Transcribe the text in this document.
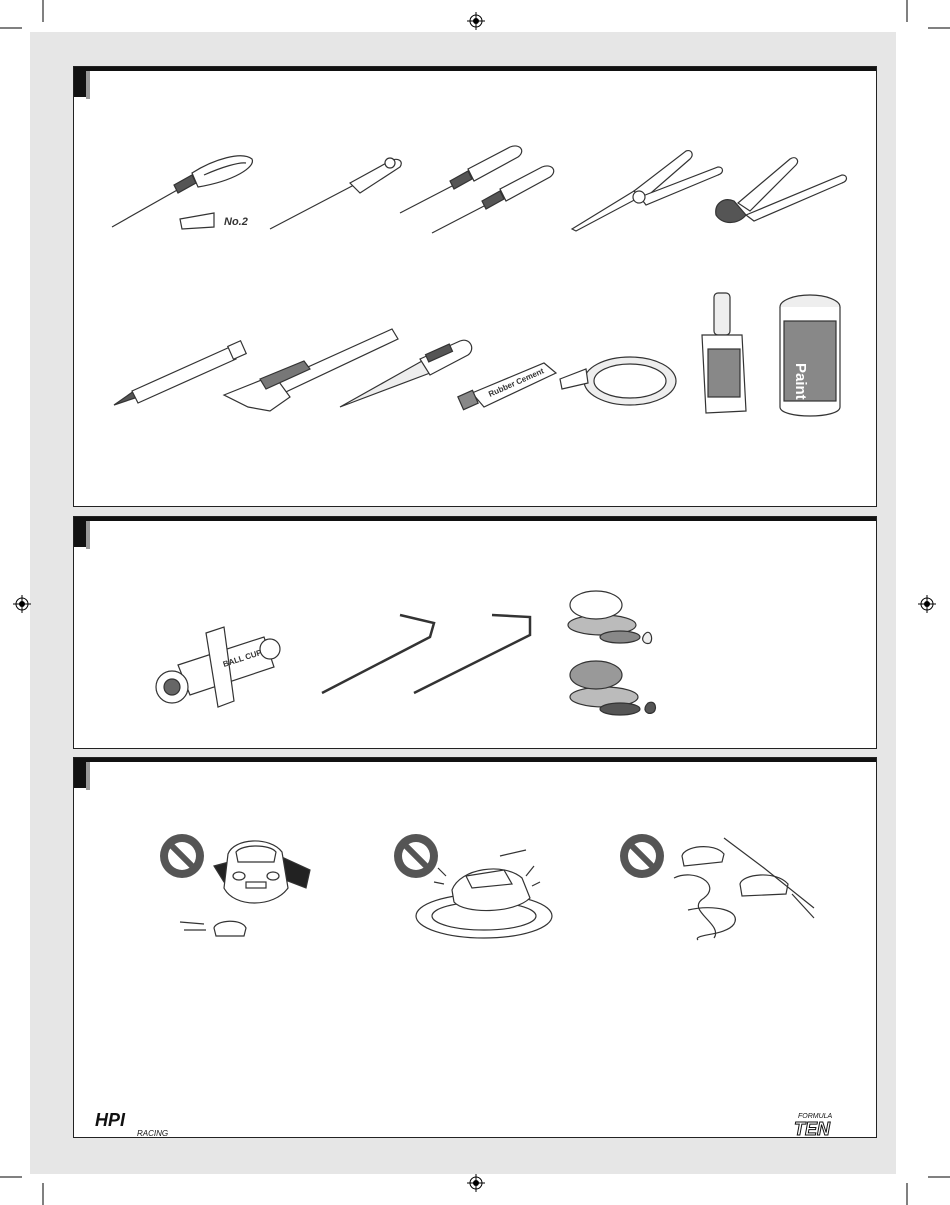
No.2
Rubber Cement	Paint
BALL CUP
HPI
RACING
FORMULA
TEN
